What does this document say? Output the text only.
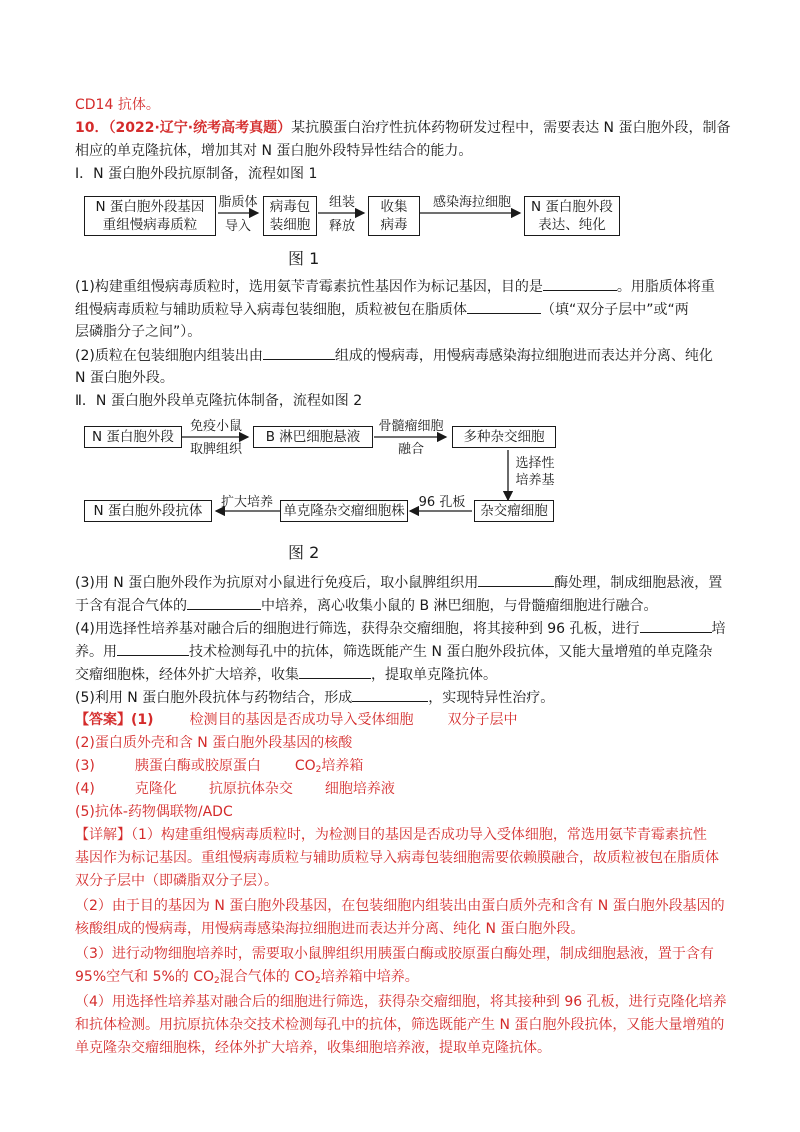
CD14 抗体。
10．（2022·辽宁·统考高考真题）某抗膜蛋白治疗性抗体药物研发过程中，需要表达 N 蛋白胞外段，制备
相应的单克隆抗体，增加其对 N 蛋白胞外段特异性结合的能力。
Ⅰ．N 蛋白胞外段抗原制备，流程如图 1
N 蛋白胞外段基因
重组慢病毒质粒
脂质体
导入
病毒包
装细胞
组装
释放
收集
病毒
感染海拉细胞	N 蛋白胞外段
表达、纯化
图 1
(1)构建重组慢病毒质粒时，选用氨苄青霉素抗性基因作为标记基因，目的是	。用脂质体将重
组慢病毒质粒与辅助质粒导入病毒包装细胞，质粒被包在脂质体	（填“双分子层中”或“两
层磷脂分子之间”）。
(2)质粒在包装细胞内组装出由	组成的慢病毒，用慢病毒感染海拉细胞进而表达并分离、纯化
N 蛋白胞外段。
Ⅱ．N 蛋白胞外段单克隆抗体制备，流程如图 2
N 蛋白胞外段
免疫小鼠
取脾组织
B 淋巴细胞悬液
骨髓瘤细胞
融合
多种杂交细胞
选择性
培养基
杂交瘤细胞
96 孔板
单克隆杂交瘤细胞株
扩大培养
N 蛋白胞外段抗体
图 2
(3)用 N 蛋白胞外段作为抗原对小鼠进行免疫后，取小鼠脾组织用	酶处理，制成细胞悬液，置
于含有混合气体的	中培养，离心收集小鼠的 B 淋巴细胞，与骨髓瘤细胞进行融合。
(4)用选择性培养基对融合后的细胞进行筛选，获得杂交瘤细胞，将其接种到 96 孔板，进行	培
养。用	技术检测每孔中的抗体，筛选既能产生 N 蛋白胞外段抗体，又能大量增殖的单克隆杂
交瘤细胞株，经体外扩大培养，收集	，提取单克隆抗体。
(5)利用 N 蛋白胞外段抗体与药物结合，形成	，实现特异性治疗。
【答案】(1)	检测目的基因是否成功导入受体细胞 双分子层中
(2)蛋白质外壳和含 N 蛋白胞外段基因的核酸
(3)	胰蛋白酶或胶原蛋白 $CO_2$培养箱
(4)	克隆化 抗原抗体杂交 细胞培养液
(5)抗体-药物偶联物/ADC
【详解】（1）构建重组慢病毒质粒时，为检测目的基因是否成功导入受体细胞，常选用氨苄青霉素抗性
基因作为标记基因。重组慢病毒质粒与辅助质粒导入病毒包装细胞需要依赖膜融合，故质粒被包在脂质体
双分子层中（即磷脂双分子层）。
（2）由于目的基因为 N 蛋白胞外段基因，在包装细胞内组装出由蛋白质外壳和含有 N 蛋白胞外段基因的
核酸组成的慢病毒，用慢病毒感染海拉细胞进而表达并分离、纯化 N 蛋白胞外段。
（3）进行动物细胞培养时，需要取小鼠脾组织用胰蛋白酶或胶原蛋白酶处理，制成细胞悬液，置于含有
95%空气和 5%的 $CO_2$混合气体的 $CO_2$培养箱中培养。
（4）用选择性培养基对融合后的细胞进行筛选，获得杂交瘤细胞，将其接种到 96 孔板，进行克隆化培养
和抗体检测。用抗原抗体杂交技术检测每孔中的抗体，筛选既能产生 N 蛋白胞外段抗体，又能大量增殖的
单克隆杂交瘤细胞株，经体外扩大培养，收集细胞培养液，提取单克隆抗体。
